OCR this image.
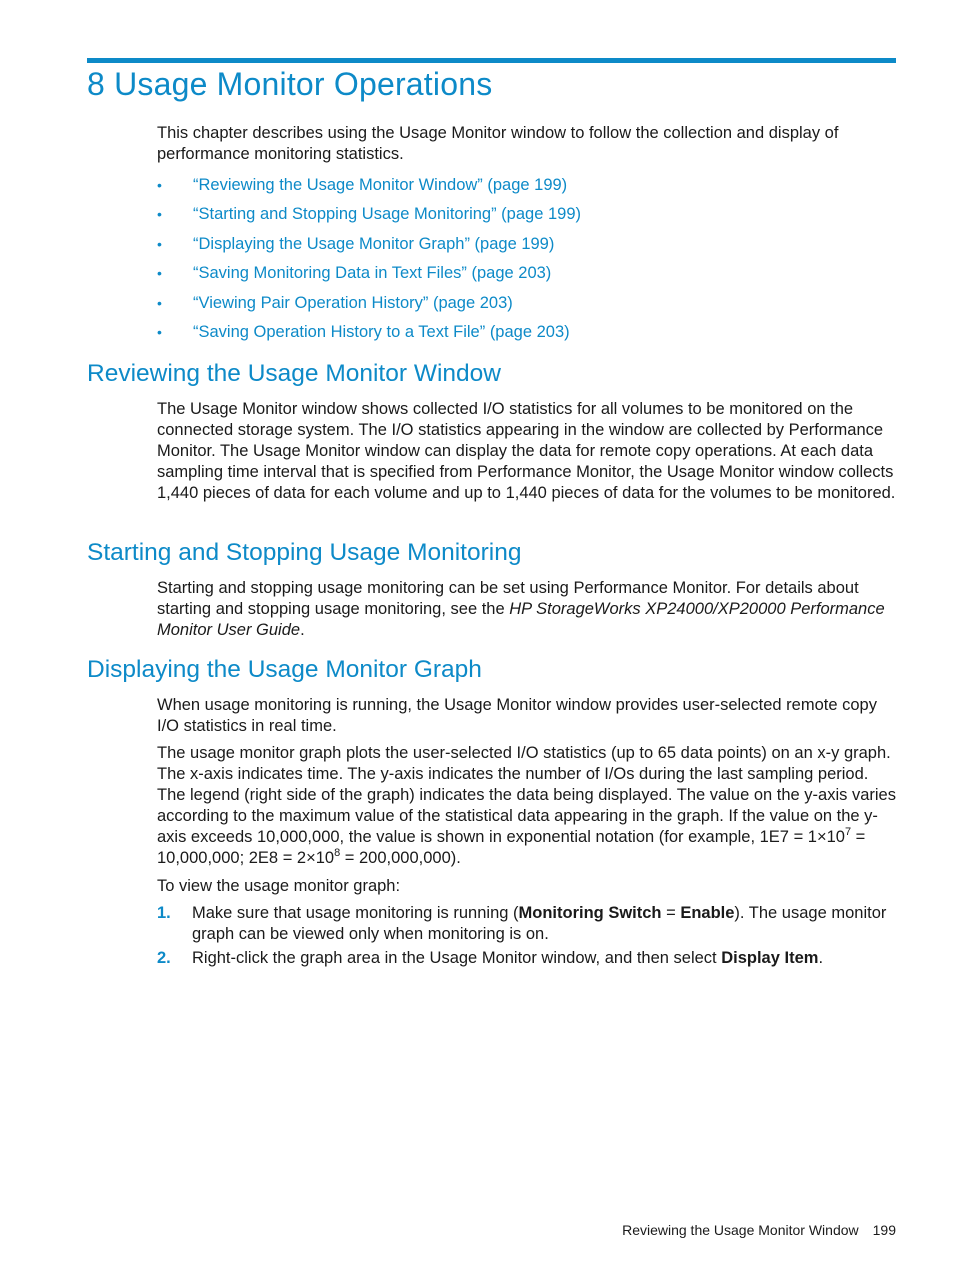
8 Usage Monitor Operations

This chapter describes using the Usage Monitor window to follow the collection and display of performance monitoring statistics.

• “Reviewing the Usage Monitor Window” (page 199)
• “Starting and Stopping Usage Monitoring” (page 199)
• “Displaying the Usage Monitor Graph” (page 199)
• “Saving Monitoring Data in Text Files” (page 203)
• “Viewing Pair Operation History” (page 203)
• “Saving Operation History to a Text File” (page 203)
Reviewing the Usage Monitor Window

The Usage Monitor window shows collected I/O statistics for all volumes to be monitored on the connected storage system. The I/O statistics appearing in the window are collected by Performance Monitor. The Usage Monitor window can display the data for remote copy operations. At each data sampling time interval that is specified from Performance Monitor, the Usage Monitor window collects 1,440 pieces of data for each volume and up to 1,440 pieces of data for the volumes to be monitored.

Starting and Stopping Usage Monitoring

Starting and stopping usage monitoring can be set using Performance Monitor. For details about starting and stopping usage monitoring, see the HP StorageWorks XP24000/XP20000 Performance Monitor User Guide.

Displaying the Usage Monitor Graph

When usage monitoring is running, the Usage Monitor window provides user-selected remote copy I/O statistics in real time.

The usage monitor graph plots the user-selected I/O statistics (up to 65 data points) on an x-y graph. The x-axis indicates time. The y-axis indicates the number of I/Os during the last sampling period. The legend (right side of the graph) indicates the data being displayed. The value on the y-axis varies according to the maximum value of the statistical data appearing in the graph. If the value on the y-axis exceeds 10,000,000, the value is shown in exponential notation (for example, $1E7 = 1\times 10^7 = 10,000,000$; $2E8 = 2\times 10^8 = 200,000,000$).

To view the usage monitor graph:

1. Make sure that usage monitoring is running (Monitoring Switch = Enable). The usage monitor graph can be viewed only when monitoring is on.
2. Right-click the graph area in the Usage Monitor window, and then select Display Item.
Reviewing the Usage Monitor Window 199
